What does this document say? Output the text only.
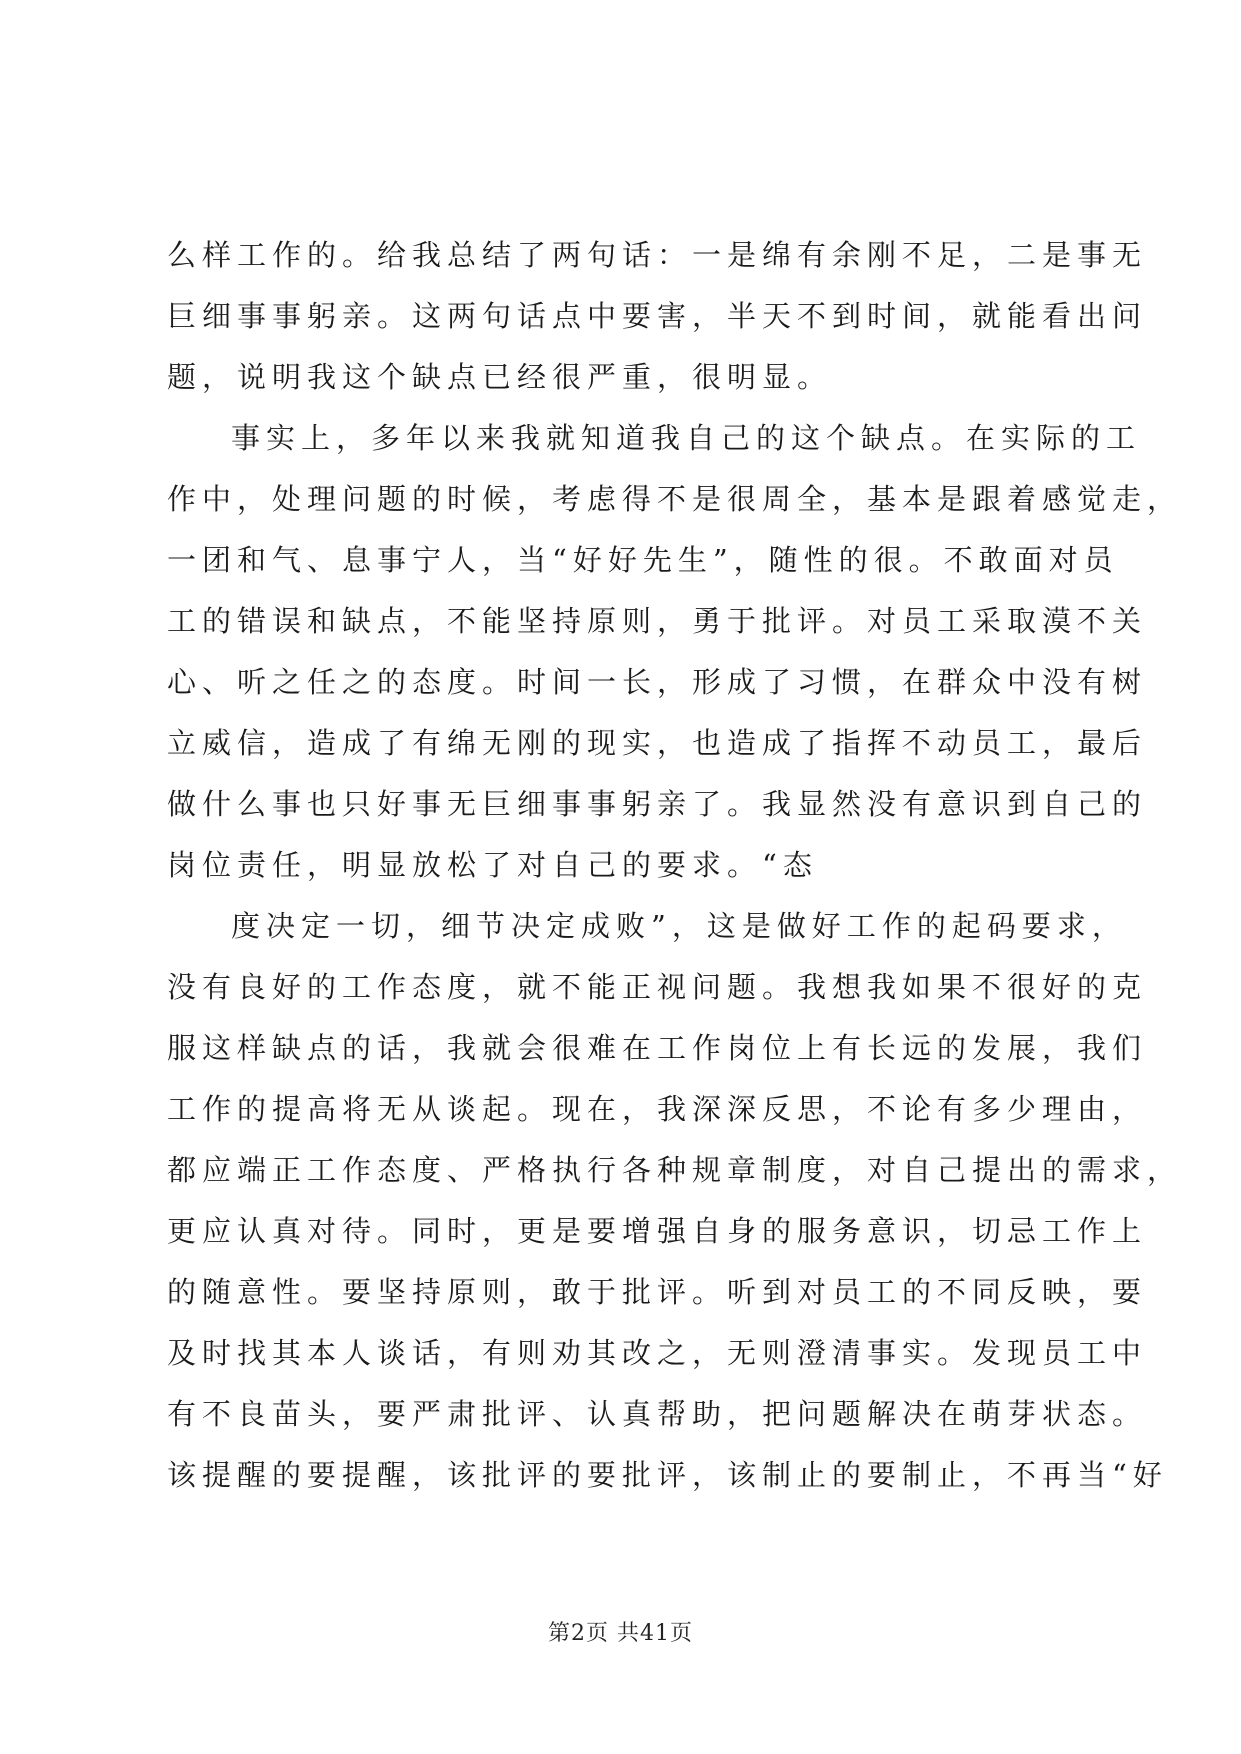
么样工作的。给我总结了两句话：一是绵有余刚不足，二是事无
巨细事事躬亲。这两句话点中要害，半天不到时间，就能看出问
题，说明我这个缺点已经很严重，很明显。
事实上，多年以来我就知道我自己的这个缺点。在实际的工
作中，处理问题的时候，考虑得不是很周全，基本是跟着感觉走，
一团和气、息事宁人，当“好好先生”，随性的很。不敢面对员
工的错误和缺点，不能坚持原则，勇于批评。对员工采取漠不关
心、听之任之的态度。时间一长，形成了习惯，在群众中没有树
立威信，造成了有绵无刚的现实，也造成了指挥不动员工，最后
做什么事也只好事无巨细事事躬亲了。我显然没有意识到自己的
岗位责任，明显放松了对自己的要求。“态
度决定一切，细节决定成败”，这是做好工作的起码要求，
没有良好的工作态度，就不能正视问题。我想我如果不很好的克
服这样缺点的话，我就会很难在工作岗位上有长远的发展，我们
工作的提高将无从谈起。现在，我深深反思，不论有多少理由，
都应端正工作态度、严格执行各种规章制度，对自己提出的需求，
更应认真对待。同时，更是要增强自身的服务意识，切忌工作上
的随意性。要坚持原则，敢于批评。听到对员工的不同反映，要
及时找其本人谈话，有则劝其改之，无则澄清事实。发现员工中
有不良苗头，要严肃批评、认真帮助，把问题解决在萌芽状态。
该提醒的要提醒，该批评的要批评，该制止的要制止，不再当“好
第2页 共41页
